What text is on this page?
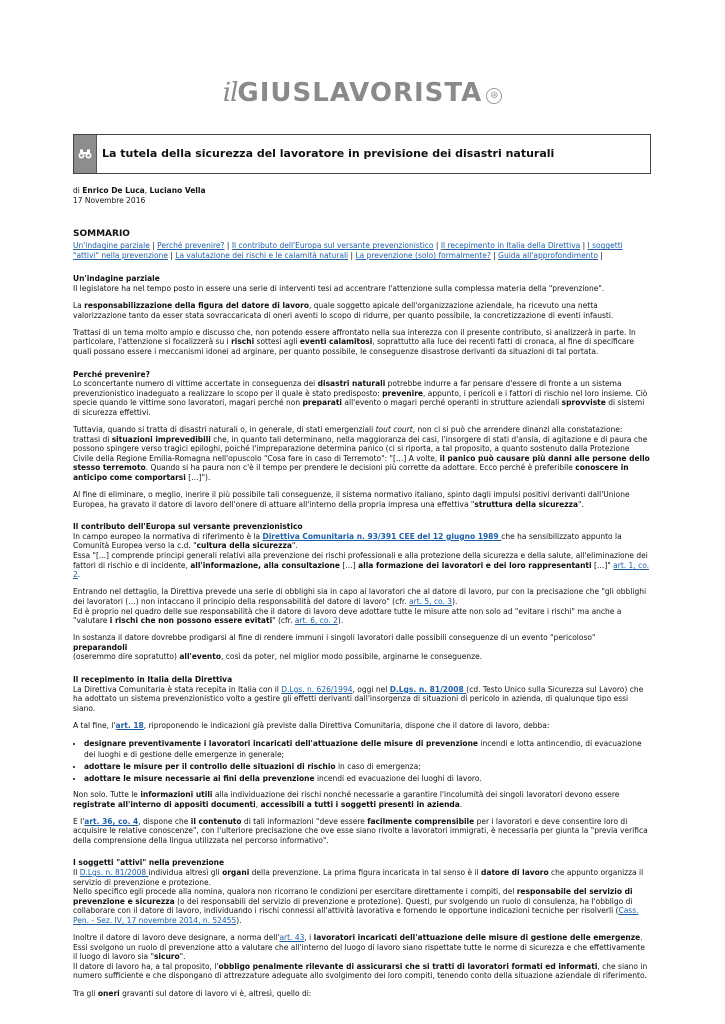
ilGIUSLAVORISTA ⊛
La tutela della sicurezza del lavoratore in previsione dei disastri naturali
di Enrico De Luca, Luciano Vella
17 Novembre 2016
SOMMARIO
Un'indagine parziale | Perché prevenire? | Il contributo dell'Europa sul versante prevenzionistico | Il recepimento in Italia della Direttiva | I soggetti "attivi" nella prevenzione | La valutazione dei rischi e le calamità naturali | La prevenzione (solo) formalmente? | Guida all'approfondimento |
Un'indagine parziale

Il legislatore ha nel tempo posto in essere una serie di interventi tesi ad accentrare l'attenzione sulla complessa materia della "prevenzione".

La responsabilizzazione della figura del datore di lavoro, quale soggetto apicale dell'organizzazione aziendale, ha ricevuto una netta valorizzazione tanto da esser stata sovraccaricata di oneri aventi lo scopo di ridurre, per quanto possibile, la concretizzazione di eventi infausti.

Trattasi di un tema molto ampio e discusso che, non potendo essere affrontato nella sua interezza con il presente contributo, si analizzerà in parte. In particolare, l'attenzione si focalizzerà su i rischi sottesi agli eventi calamitosi, soprattutto alla luce dei recenti fatti di cronaca, al fine di specificare quali possano essere i meccanismi idonei ad arginare, per quanto possibile, le conseguenze disastrose derivanti da situazioni di tal portata.

Perché prevenire?

Lo sconcertante numero di vittime accertate in conseguenza dei disastri naturali potrebbe indurre a far pensare d'essere di fronte a un sistema prevenzionistico inadeguato a realizzare lo scopo per il quale è stato predisposto: prevenire, appunto, i pericoli e i fattori di rischio nel loro insieme. Ciò specie quando le vittime sono lavoratori, magari perché non preparati all'evento o magari perché operanti in strutture aziendali sprovviste di sistemi di sicurezza effettivi.

Tuttavia, quando si tratta di disastri naturali o, in generale, di stati emergenziali tout court, non ci si può che arrendere dinanzi alla constatazione: trattasi di situazioni imprevedibili che, in quanto tali determinano, nella maggioranza dei casi, l'insorgere di stati d'ansia, di agitazione e di paura che possono spingere verso tragici epiloghi, poiché l'impreparazione determina panico (ci si riporta, a tal proposito, a quanto sostenuto dalla Protezione Civile della Regione Emilia-Romagna nell'opuscolo "Cosa fare in caso di Terremoto": "[…] A volte, il panico può causare più danni alle persone dello stesso terremoto. Quando si ha paura non c'è il tempo per prendere le decisioni più corrette da adottare. Ecco perché è preferibile conoscere in anticipo come comportarsi […]").

Al fine di eliminare, o meglio, inerire il più possibile tali conseguenze, il sistema normativo italiano, spinto dagli impulsi positivi derivanti dall'Unione Europea, ha gravato il datore di lavoro dell'onere di attuare all'interno della propria impresa una effettiva "struttura della sicurezza".

Il contributo dell'Europa sul versante prevenzionistico

In campo europeo la normativa di riferimento è la Direttiva Comunitaria n. 93/391 CEE del 12 giugno 1989 che ha sensibilizzato appunto la Comunità Europea verso la c.d. "cultura della sicurezza".
Essa "[...] comprende principi generali relativi alla prevenzione dei rischi professionali e alla protezione della sicurezza e della salute, all'eliminazione dei fattori di rischio e di incidente, all'informazione, alla consultazione […] alla formazione dei lavoratori e dei loro rappresentanti […]" art. 1, co. 2.

Entrando nel dettaglio, la Direttiva prevede una serie di obblighi sia in capo ai lavoratori che al datore di lavoro, pur con la precisazione che "gli obblighi dei lavoratori (…) non intaccano il principio della responsabilità del datore di lavoro" (cfr. art. 5, co. 3).
Ed è proprio nel quadro delle sue responsabilità che il datore di lavoro deve adottare tutte le misure atte non solo ad "evitare i rischi" ma anche a "valutare i rischi che non possono essere evitati" (cfr. art. 6, co. 2).

In sostanza il datore dovrebbe prodigarsi al fine di rendere immuni i singoli lavoratori dalle possibili conseguenze di un evento "pericoloso" preparandoli
(oseremmo dire sopratutto) all'evento, così da poter, nel miglior modo possibile, arginarne le conseguenze.

Il recepimento in Italia della Direttiva

La Direttiva Comunitaria è stata recepita in Italia con il D.Lgs. n. 626/1994, oggi nel D.Lgs. n. 81/2008 (cd. Testo Unico sulla Sicurezza sul Lavoro) che ha adottato un sistema prevenzionistico volto a gestire gli effetti derivanti dall'insorgenza di situazioni di pericolo in azienda, di qualunque tipo essi siano.

A tal fine, l'art. 18, riproponendo le indicazioni già previste dalla Direttiva Comunitaria, dispone che il datore di lavoro, debba:

• designare preventivamente i lavoratori incaricati dell'attuazione delle misure di prevenzione incendi e lotta antincendio, di evacuazione dei luoghi e di gestione delle emergenze in generale;
• adottare le misure per il controllo delle situazioni di rischio in caso di emergenza;
• adottare le misure necessarie ai fini della prevenzione incendi ed evacuazione dei luoghi di lavoro.

Non solo. Tutte le informazioni utili alla individuazione dei rischi nonché necessarie a garantire l'incolumità dei singoli lavoratori devono essere registrate all'interno di appositi documenti, accessibili a tutti i soggetti presenti in azienda.

E l'art. 36, co. 4, dispone che il contenuto di tali informazioni "deve essere facilmente comprensibile per i lavoratori e deve consentire loro di acquisire le relative conoscenze", con l'ulteriore precisazione che ove esse siano rivolte a lavoratori immigrati, è necessaria per giunta la "previa verifica della comprensione della lingua utilizzata nel percorso informativo".

I soggetti "attivi" nella prevenzione

Il D.Lgs. n. 81/2008 individua altresì gli organi della prevenzione. La prima figura incaricata in tal senso è il datore di lavoro che appunto organizza il servizio di prevenzione e protezione.
Nello specifico egli procede alla nomina, qualora non ricorrano le condizioni per esercitare direttamente i compiti, del responsabile del servizio di prevenzione e sicurezza (o dei responsabili del servizio di prevenzione e protezione). Questi, pur svolgendo un ruolo di consulenza, ha l'obbligo di collaborare con il datore di lavoro, individuando i rischi connessi all'attività lavorativa e fornendo le opportune indicazioni tecniche per risolverli (Cass. Pen. - Sez. IV, 17 novembre 2014, n. 52455).

Inoltre il datore di lavoro deve designare, a norma dell'art. 43, i lavoratori incaricati dell'attuazione delle misure di gestione delle emergenze. Essi svolgono un ruolo di prevenzione atto a valutare che all'interno del luogo di lavoro siano rispettate tutte le norme di sicurezza e che effettivamente il luogo di lavoro sia "sicuro".
Il datore di lavoro ha, a tal proposito, l'obbligo penalmente rilevante di assicurarsi che si tratti di lavoratori formati ed informati, che siano in numero sufficiente e che dispongano di attrezzature adeguate allo svolgimento dei loro compiti, tenendo conto della situazione aziendale di riferimento.

Tra gli oneri gravanti sul datore di lavoro vi è, altresì, quello di:
